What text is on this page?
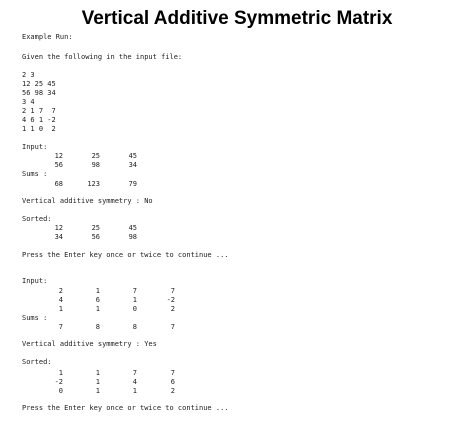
Vertical Additive Symmetric Matrix
Example Run:
Given the following in the input file:
2 3
12 25 45
56 98 34
3 4
2 1 7  7
4 6 1 -2
1 1 0  2
Input:
12	25	45
56	98	34
Sums :
68	123	79
Vertical additive symmetry : No
Sorted:
12	25	45
34	56	98
Press the Enter key once or twice to continue ...
Input:
2	1	7	7
4	6	1	-2
1	1	0	2
Sums :
7	8	8	7
Vertical additive symmetry : Yes
Sorted:
1	1	7	7
-2	1	4	6
0	1	1	2
Press the Enter key once or twice to continue ...
